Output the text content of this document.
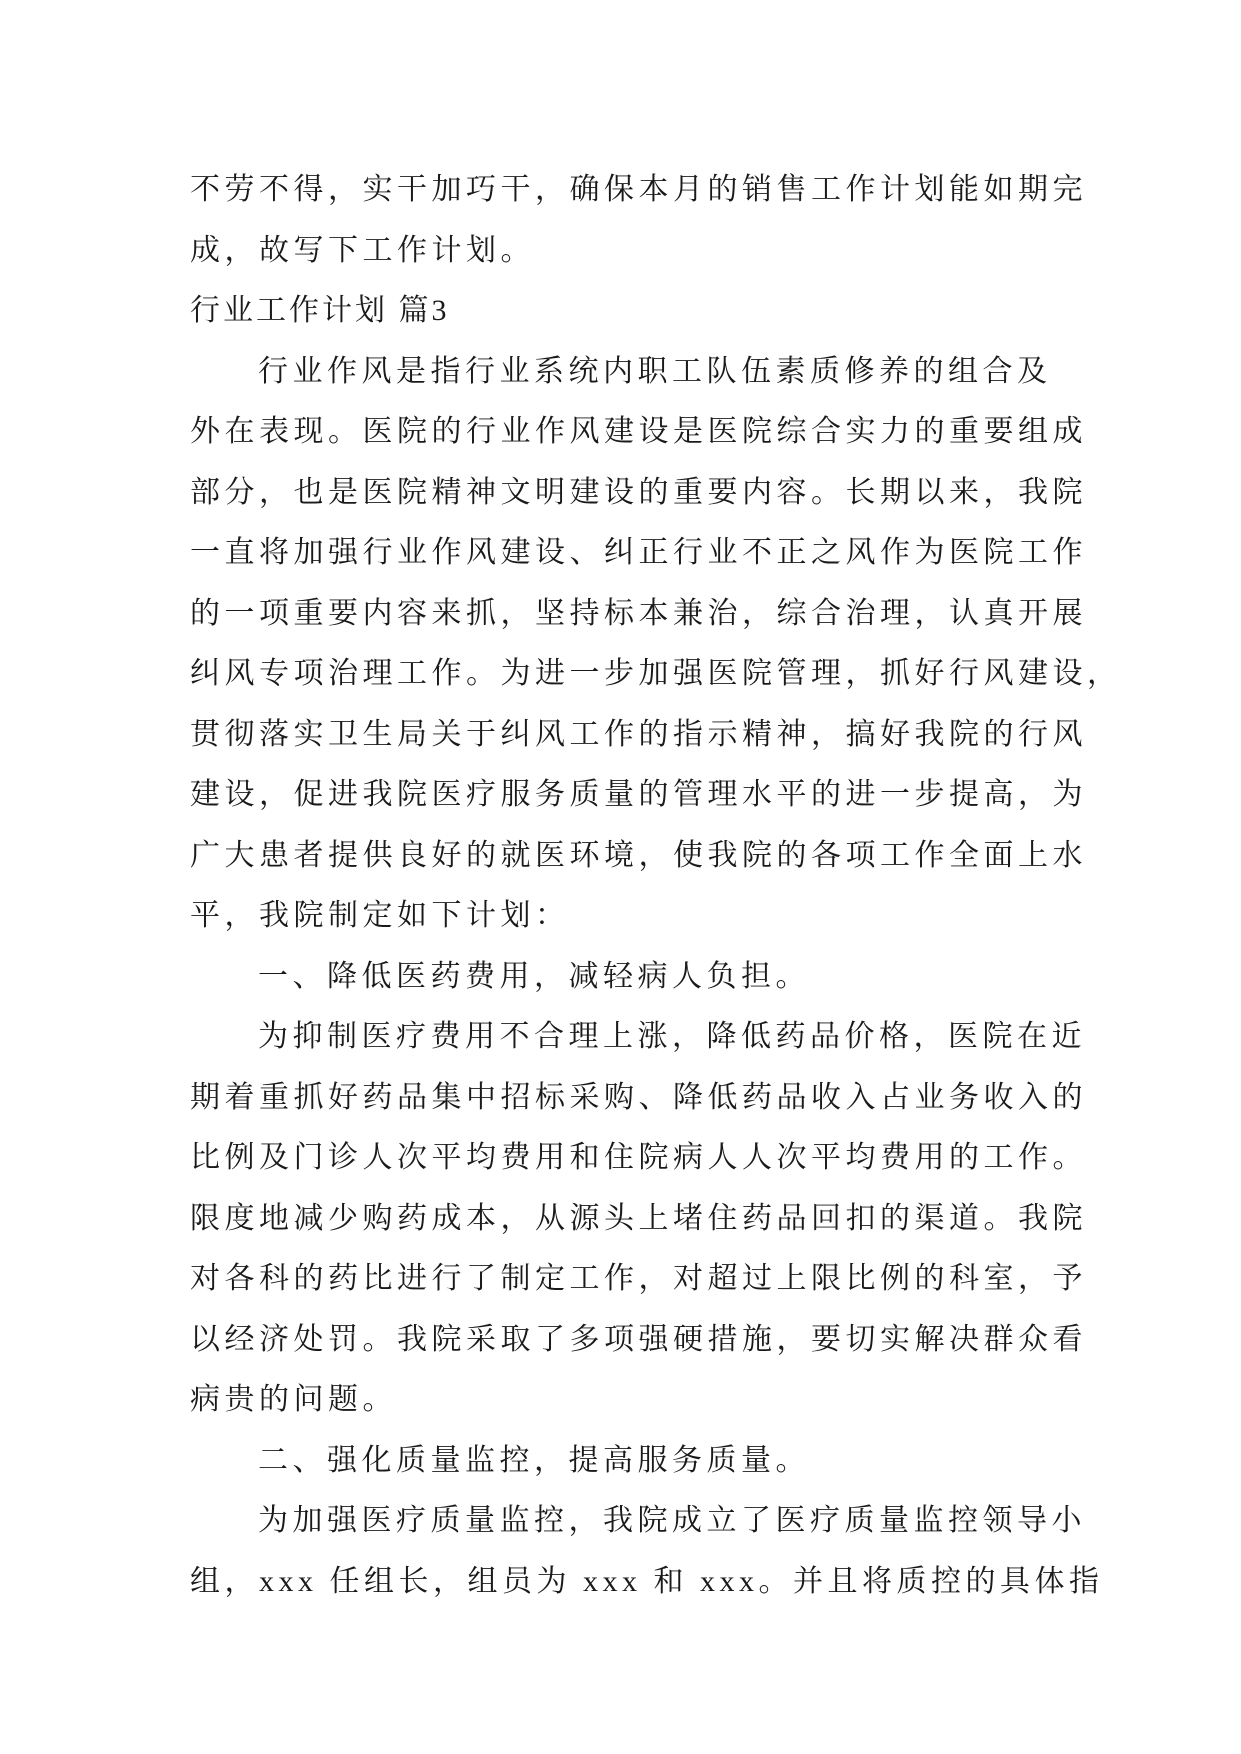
不劳不得，实干加巧干，确保本月的销售工作计划能如期完
成，故写下工作计划。
行业工作计划 篇3
行业作风是指行业系统内职工队伍素质修养的组合及
外在表现。医院的行业作风建设是医院综合实力的重要组成
部分，也是医院精神文明建设的重要内容。长期以来，我院
一直将加强行业作风建设、纠正行业不正之风作为医院工作
的一项重要内容来抓，坚持标本兼治，综合治理，认真开展
纠风专项治理工作。为进一步加强医院管理，抓好行风建设，
贯彻落实卫生局关于纠风工作的指示精神，搞好我院的行风
建设，促进我院医疗服务质量的管理水平的进一步提高，为
广大患者提供良好的就医环境，使我院的各项工作全面上水
平，我院制定如下计划：
一、降低医药费用，减轻病人负担。
为抑制医疗费用不合理上涨，降低药品价格，医院在近
期着重抓好药品集中招标采购、降低药品收入占业务收入的
比例及门诊人次平均费用和住院病人人次平均费用的工作。
限度地减少购药成本，从源头上堵住药品回扣的渠道。我院
对各科的药比进行了制定工作，对超过上限比例的科室，予
以经济处罚。我院采取了多项强硬措施，要切实解决群众看
病贵的问题。
二、强化质量监控，提高服务质量。
为加强医疗质量监控，我院成立了医疗质量监控领导小
组，xxx 任组长，组员为 xxx 和 xxx。并且将质控的具体指
